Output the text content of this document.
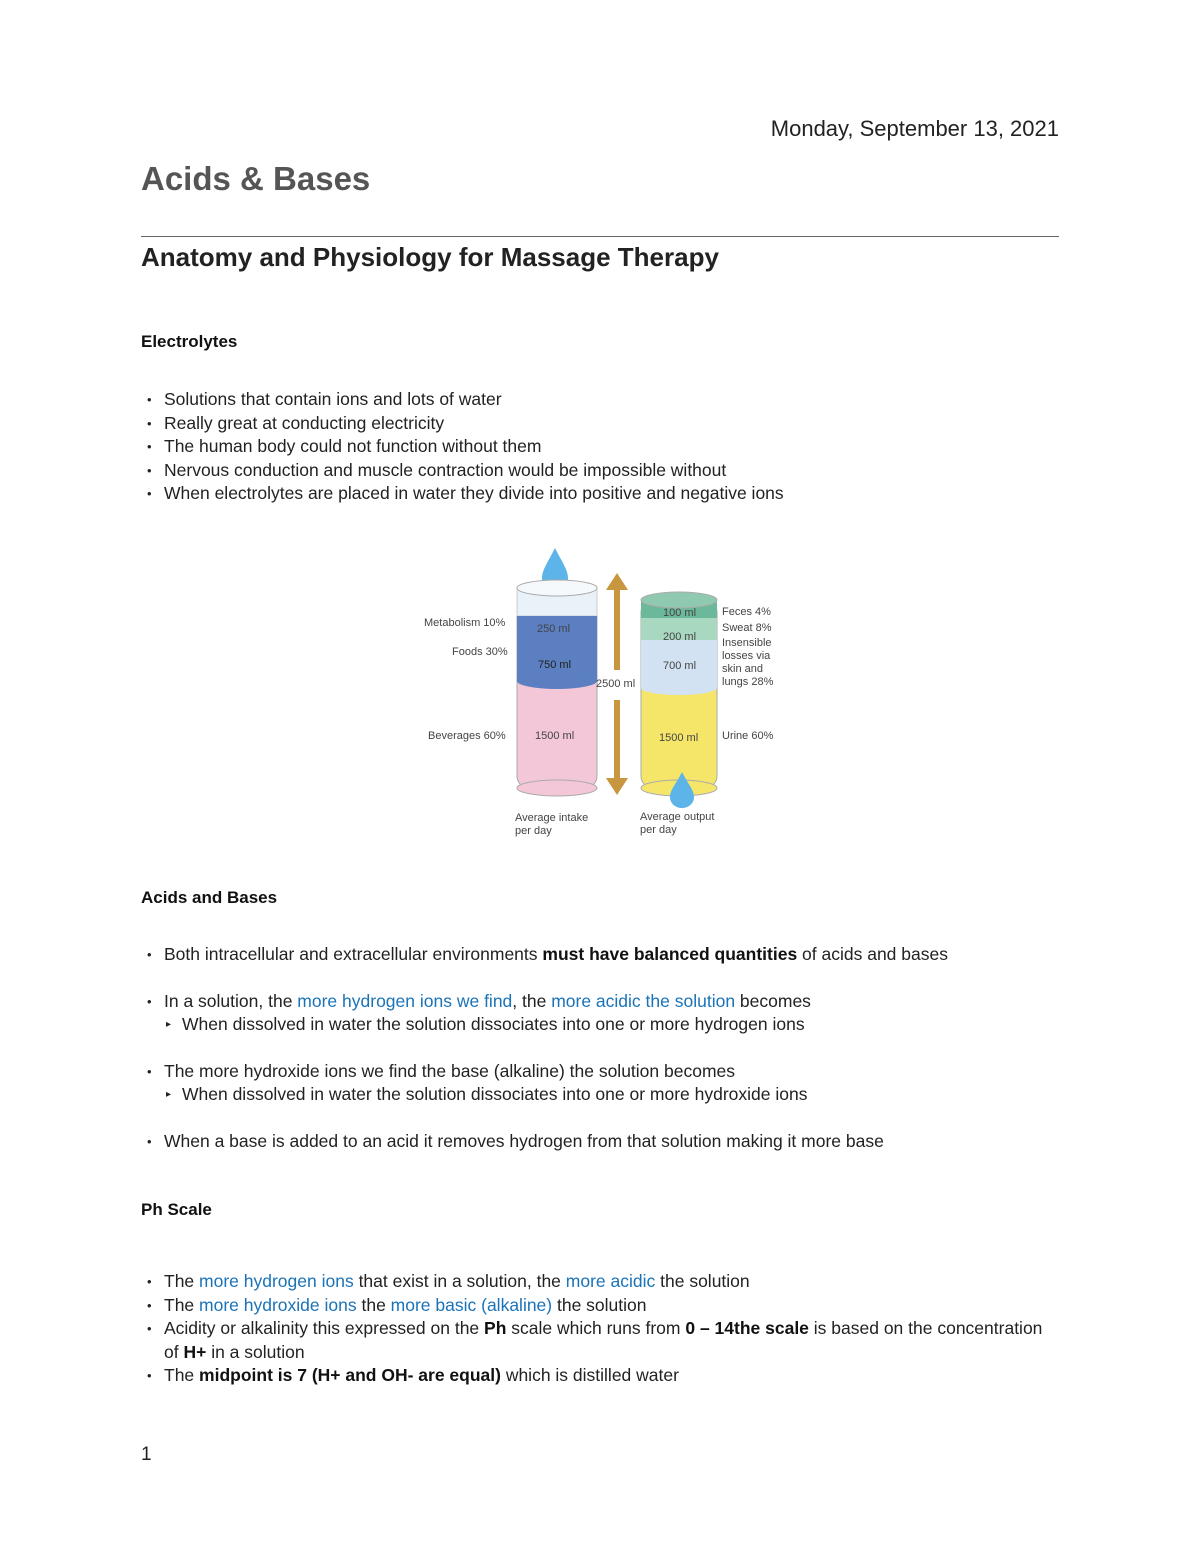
Monday, September 13, 2021
Acids & Bases
Anatomy and Physiology for Massage Therapy
Electrolytes
• Solutions that contain ions and lots of water
• Really great at conducting electricity
• The human body could not function without them
• Nervous conduction and muscle contraction would be impossible without
• When electrolytes are placed in water they divide into positive and negative ions
250 ml
750 ml
1500 ml
Metabolism 10%
Foods 30%
Beverages 60%
Average intake
per day
2500 ml
100 ml
200 ml
700 ml
1500 ml
Feces 4%
Sweat 8%
Insensible
losses via
skin and
lungs 28%
Urine 60%
Average output
per day
Acids and Bases
• Both intracellular and extracellular environments must have balanced quantities of acids and bases
• In a solution, the more hydrogen ions we find, the more acidic the solution becomes
▸ When dissolved in water the solution dissociates into one or more hydrogen ions
• The more hydroxide ions we find the base (alkaline) the solution becomes
▸ When dissolved in water the solution dissociates into one or more hydroxide ions
• When a base is added to an acid it removes hydrogen from that solution making it more base
Ph Scale
• The more hydrogen ions that exist in a solution, the more acidic the solution
• The more hydroxide ions the more basic (alkaline) the solution
• Acidity or alkalinity this expressed on the Ph scale which runs from 0 – 14the scale is based on the concentration of H+ in a solution
• The midpoint is 7 (H+ and OH- are equal) which is distilled water
1
